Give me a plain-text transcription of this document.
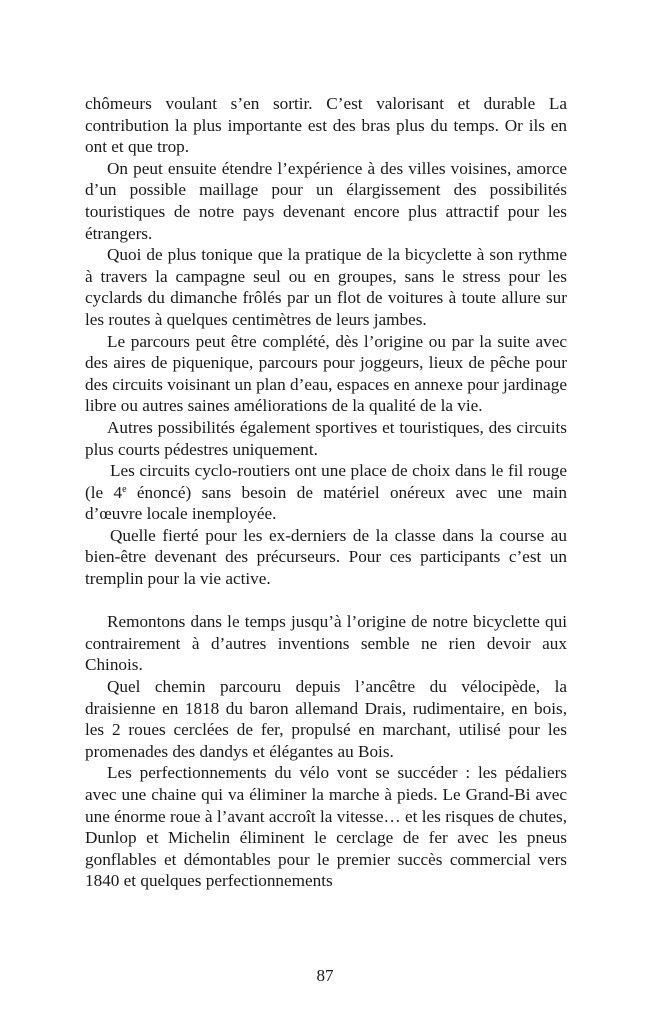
chômeurs voulant s’en sortir. C’est valorisant et durable La contribution la plus importante est des bras plus du temps. Or ils en ont et que trop.

On peut ensuite étendre l’expérience à des villes voisines, amorce d’un possible maillage pour un élargissement des possibilités touristiques de notre pays devenant encore plus attractif pour les étrangers.

Quoi de plus tonique que la pratique de la bicyclette à son rythme à travers la campagne seul ou en groupes, sans le stress pour les cyclards du dimanche frôlés par un flot de voitures à toute allure sur les routes à quelques centimètres de leurs jambes.

Le parcours peut être complété, dès l’origine ou par la suite avec des aires de piquenique, parcours pour joggeurs, lieux de pêche pour des circuits voisinant un plan d’eau, espaces en annexe pour jardinage libre ou autres saines améliorations de la qualité de la vie.

Autres possibilités également sportives et touristiques, des circuits plus courts pédestres uniquement.

Les circuits cyclo-routiers ont une place de choix dans le fil rouge (le 4e énoncé) sans besoin de matériel onéreux avec une main d’œuvre locale inemployée.

Quelle fierté pour les ex-derniers de la classe dans la course au bien-être devenant des précurseurs. Pour ces participants c’est un tremplin pour la vie active.

Remontons dans le temps jusqu’à l’origine de notre bicyclette qui contrairement à d’autres inventions semble ne rien devoir aux Chinois.

Quel chemin parcouru depuis l’ancêtre du vélocipède, la draisienne en 1818 du baron allemand Drais, rudimentaire, en bois, les 2 roues cerclées de fer, propulsé en marchant, utilisé pour les promenades des dandys et élégantes au Bois.

Les perfectionnements du vélo vont se succéder : les pédaliers avec une chaine qui va éliminer la marche à pieds. Le Grand-Bi avec une énorme roue à l’avant accroît la vitesse… et les risques de chutes, Dunlop et Michelin éliminent le cerclage de fer avec les pneus gonflables et démontables pour le premier succès commercial vers 1840 et quelques perfectionnements

87
